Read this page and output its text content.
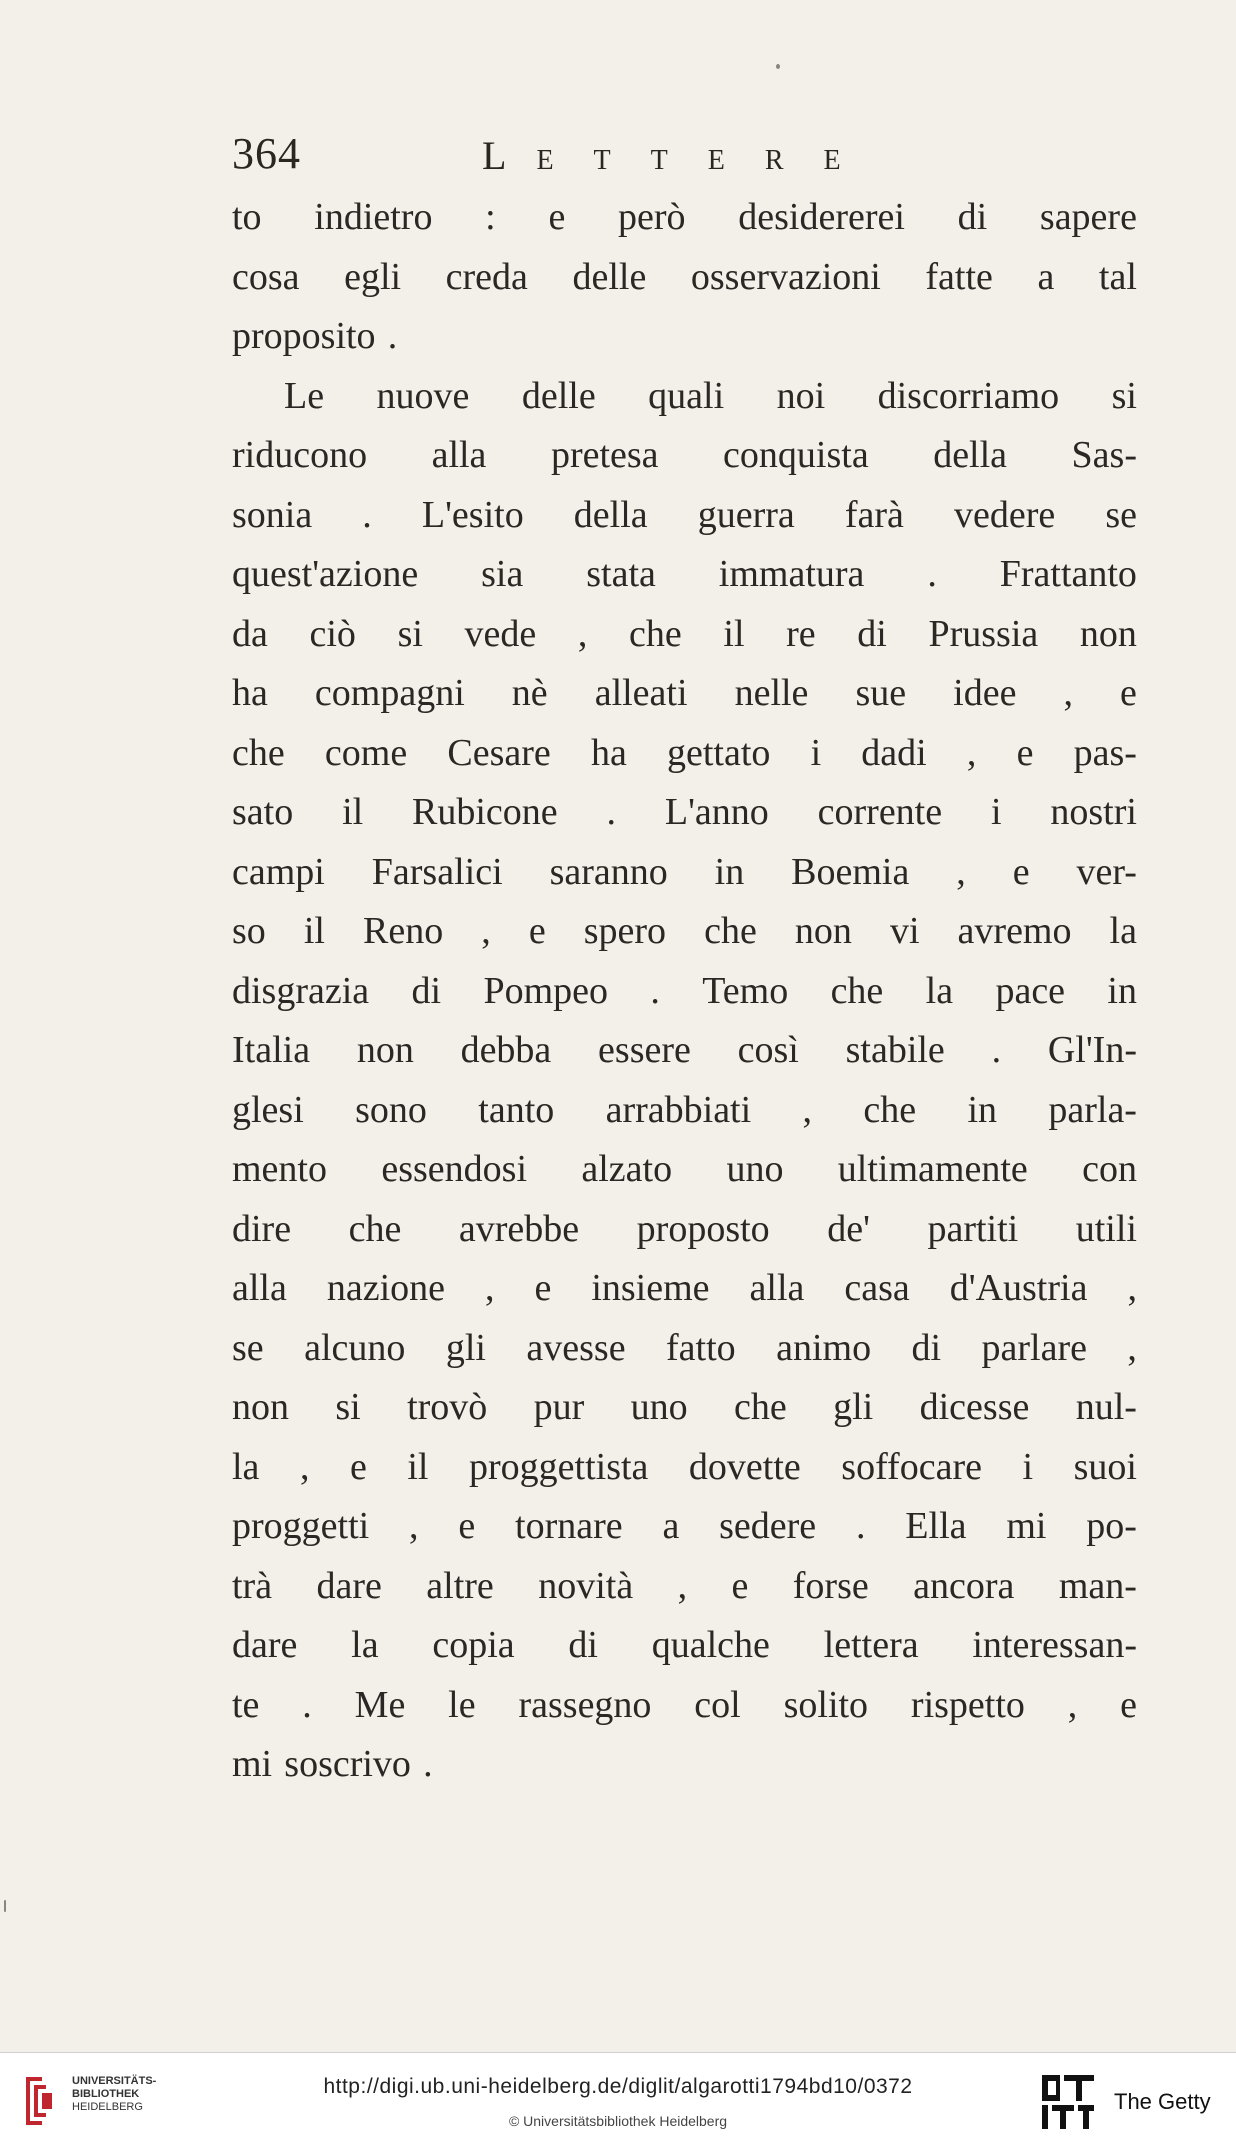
364	LETTERE
to indietro : e però desidererei di sapere
cosa egli creda delle osservazioni fatte a tal
proposito .
Le nuove delle quali noi discorriamo si
riducono alla pretesa conquista della Sas-
sonia . L'esito della guerra farà vedere se
quest'azione sia stata immatura . Frattanto
da ciò si vede , che il re di Prussia non
ha compagni nè alleati nelle sue idee , e
che come Cesare ha gettato i dadi , e pas-
sato il Rubicone . L'anno corrente i nostri
campi Farsalici saranno in Boemia , e ver-
so il Reno , e spero che non vi avremo la
disgrazia di Pompeo . Temo che la pace in
Italia non debba essere così stabile . Gl'In-
glesi sono tanto arrabbiati , che in parla-
mento essendosi alzato uno ultimamente con
dire che avrebbe proposto de' partiti utili
alla nazione , e insieme alla casa d'Austria ,
se alcuno gli avesse fatto animo di parlare ,
non si trovò pur uno che gli dicesse nul-
la , e il proggettista dovette soffocare i suoi
proggetti , e tornare a sedere . Ella mi po-
trà dare altre novità , e forse ancora man-
dare la copia di qualche lettera interessan-
te . Me le rassegno col solito rispetto , e
mi soscrivo .
UNIVERSITÄTS-
BIBLIOTHEK
HEIDELBERG
http://digi.ub.uni-heidelberg.de/diglit/algarotti1794bd10/0372
© Universitätsbibliothek Heidelberg
The Getty
